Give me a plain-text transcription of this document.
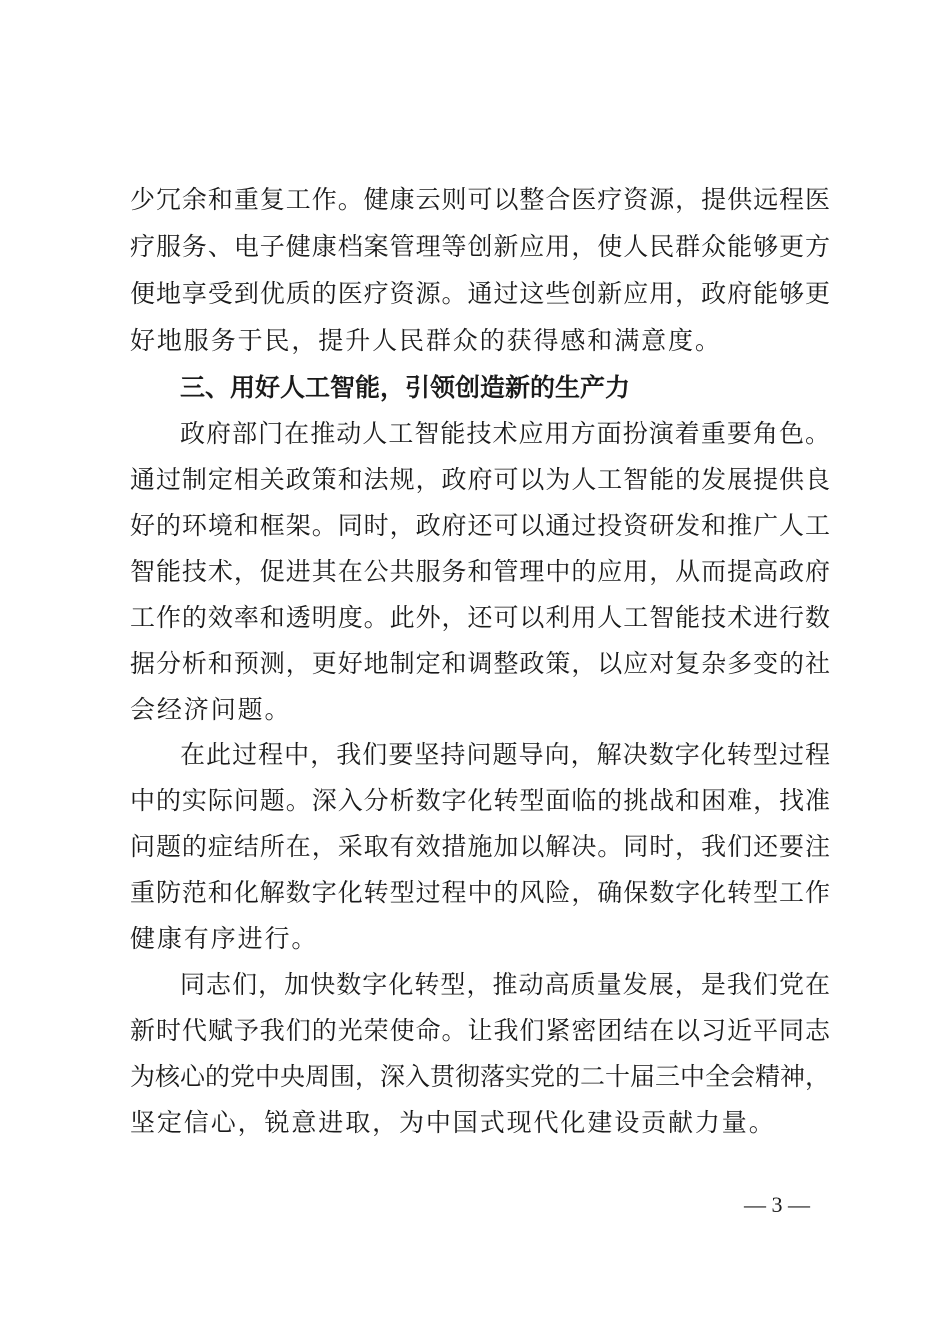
少冗余和重复工作。健康云则可以整合医疗资源，提供远程医
疗服务、电子健康档案管理等创新应用，使人民群众能够更方
便地享受到优质的医疗资源。通过这些创新应用，政府能够更
好地服务于民，提升人民群众的获得感和满意度。
三、用好人工智能，引领创造新的生产力
政府部门在推动人工智能技术应用方面扮演着重要角色。
通过制定相关政策和法规，政府可以为人工智能的发展提供良
好的环境和框架。同时，政府还可以通过投资研发和推广人工
智能技术，促进其在公共服务和管理中的应用，从而提高政府
工作的效率和透明度。此外，还可以利用人工智能技术进行数
据分析和预测，更好地制定和调整政策，以应对复杂多变的社
会经济问题。
在此过程中，我们要坚持问题导向，解决数字化转型过程
中的实际问题。深入分析数字化转型面临的挑战和困难，找准
问题的症结所在，采取有效措施加以解决。同时，我们还要注
重防范和化解数字化转型过程中的风险，确保数字化转型工作
健康有序进行。
同志们，加快数字化转型，推动高质量发展，是我们党在
新时代赋予我们的光荣使命。让我们紧密团结在以习近平同志
为核心的党中央周围，深入贯彻落实党的二十届三中全会精神，
坚定信心，锐意进取，为中国式现代化建设贡献力量。
— 3 —
